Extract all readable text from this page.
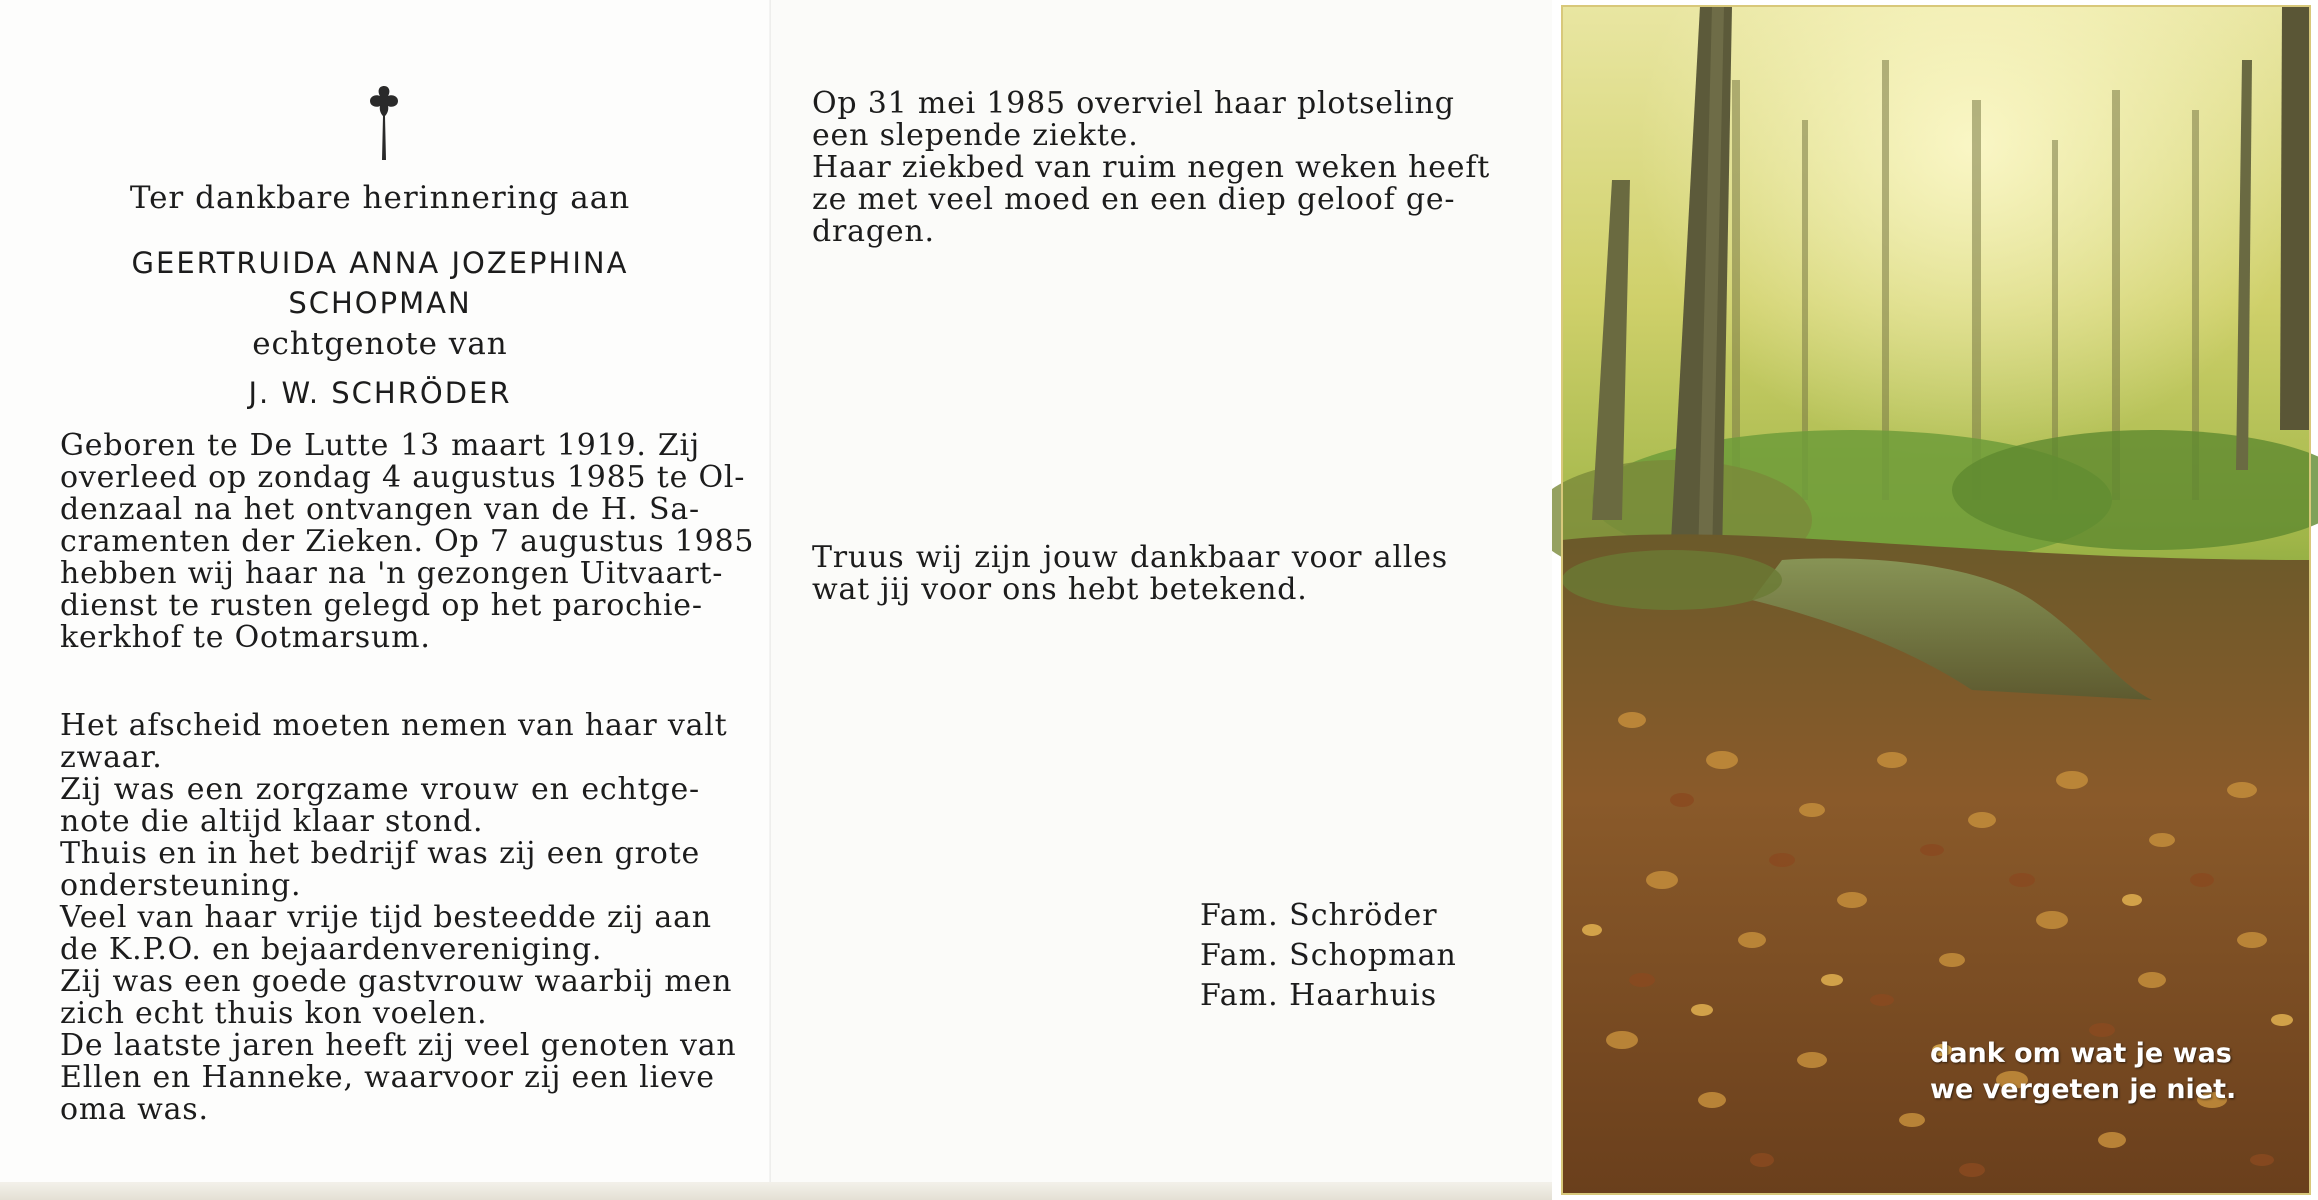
Ter dankbare herinnering aan
GEERTRUIDA ANNA JOZEPHINA
SCHOPMAN
echtgenote van
J. W. SCHRÖDER
Geboren te De Lutte 13 maart 1919. Zij
overleed op zondag 4 augustus 1985 te Ol-
denzaal na het ontvangen van de H. Sa-
cramenten der Zieken. Op 7 augustus 1985
hebben wij haar na 'n gezongen Uitvaart-
dienst te rusten gelegd op het parochie-
kerkhof te Ootmarsum.
Het afscheid moeten nemen van haar valt
zwaar.
Zij was een zorgzame vrouw en echtge-
note die altijd klaar stond.
Thuis en in het bedrijf was zij een grote
ondersteuning.
Veel van haar vrije tijd besteedde zij aan
de K.P.O. en bejaardenvereniging.
Zij was een goede gastvrouw waarbij men
zich echt thuis kon voelen.
De laatste jaren heeft zij veel genoten van
Ellen en Hanneke, waarvoor zij een lieve
oma was.
Op 31 mei 1985 overviel haar plotseling
een slepende ziekte.
Haar ziekbed van ruim negen weken heeft
ze met veel moed en een diep geloof ge-
dragen.
Truus wij zijn jouw dankbaar voor alles
wat jij voor ons hebt betekend.
Fam. Schröder
Fam. Schopman
Fam. Haarhuis
dank om wat je was
we vergeten je niet.
